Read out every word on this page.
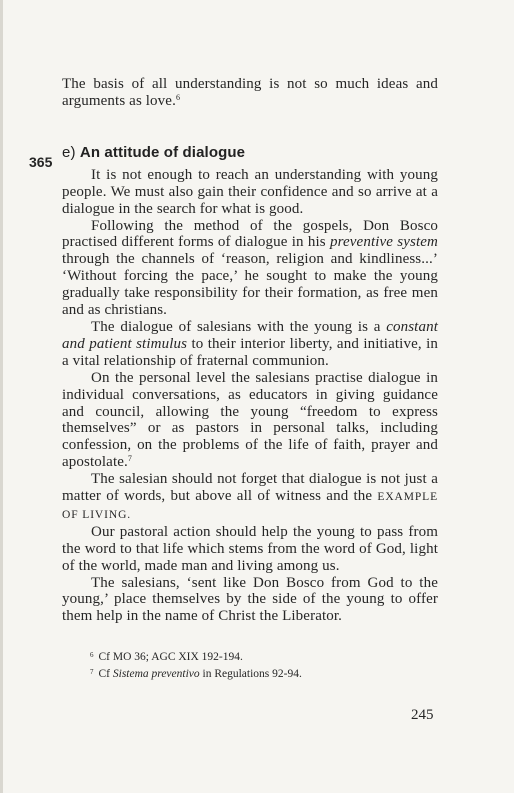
365

The basis of all understanding is not so much ideas and arguments as love.$^6$

e) An attitude of dialogue

It is not enough to reach an understanding with young people. We must also gain their confidence and so arrive at a dialogue in the search for what is good.

Following the method of the gospels, Don Bosco practised different forms of dialogue in his preventive system through the channels of ‘reason, religion and kindliness...’ ‘Without forcing the pace,’ he sought to make the young gradually take responsibility for their formation, as free men and as christians.

The dialogue of salesians with the young is a constant and patient stimulus to their interior liberty, and initiative, in a vital relationship of fraternal communion.

On the personal level the salesians practise dialogue in individual conversations, as educators in giving guidance and council, allowing the young “freedom to express themselves” or as pastors in personal talks, including confession, on the problems of the life of faith, prayer and apostolate.$^7$

The salesian should not forget that dialogue is not just a matter of words, but above all of witness and the EXAMPLE OF LIVING.

Our pastoral action should help the young to pass from the word to that life which stems from the word of God, light of the world, made man and living among us.

The salesians, ‘sent like Don Bosco from God to the young,’ place themselves by the side of the young to offer them help in the name of Christ the Liberator.

$^6$ Cf MO 36; AGC XIX 192-194.
$^7$ Cf Sistema preventivo in Regulations 92-94.
245
